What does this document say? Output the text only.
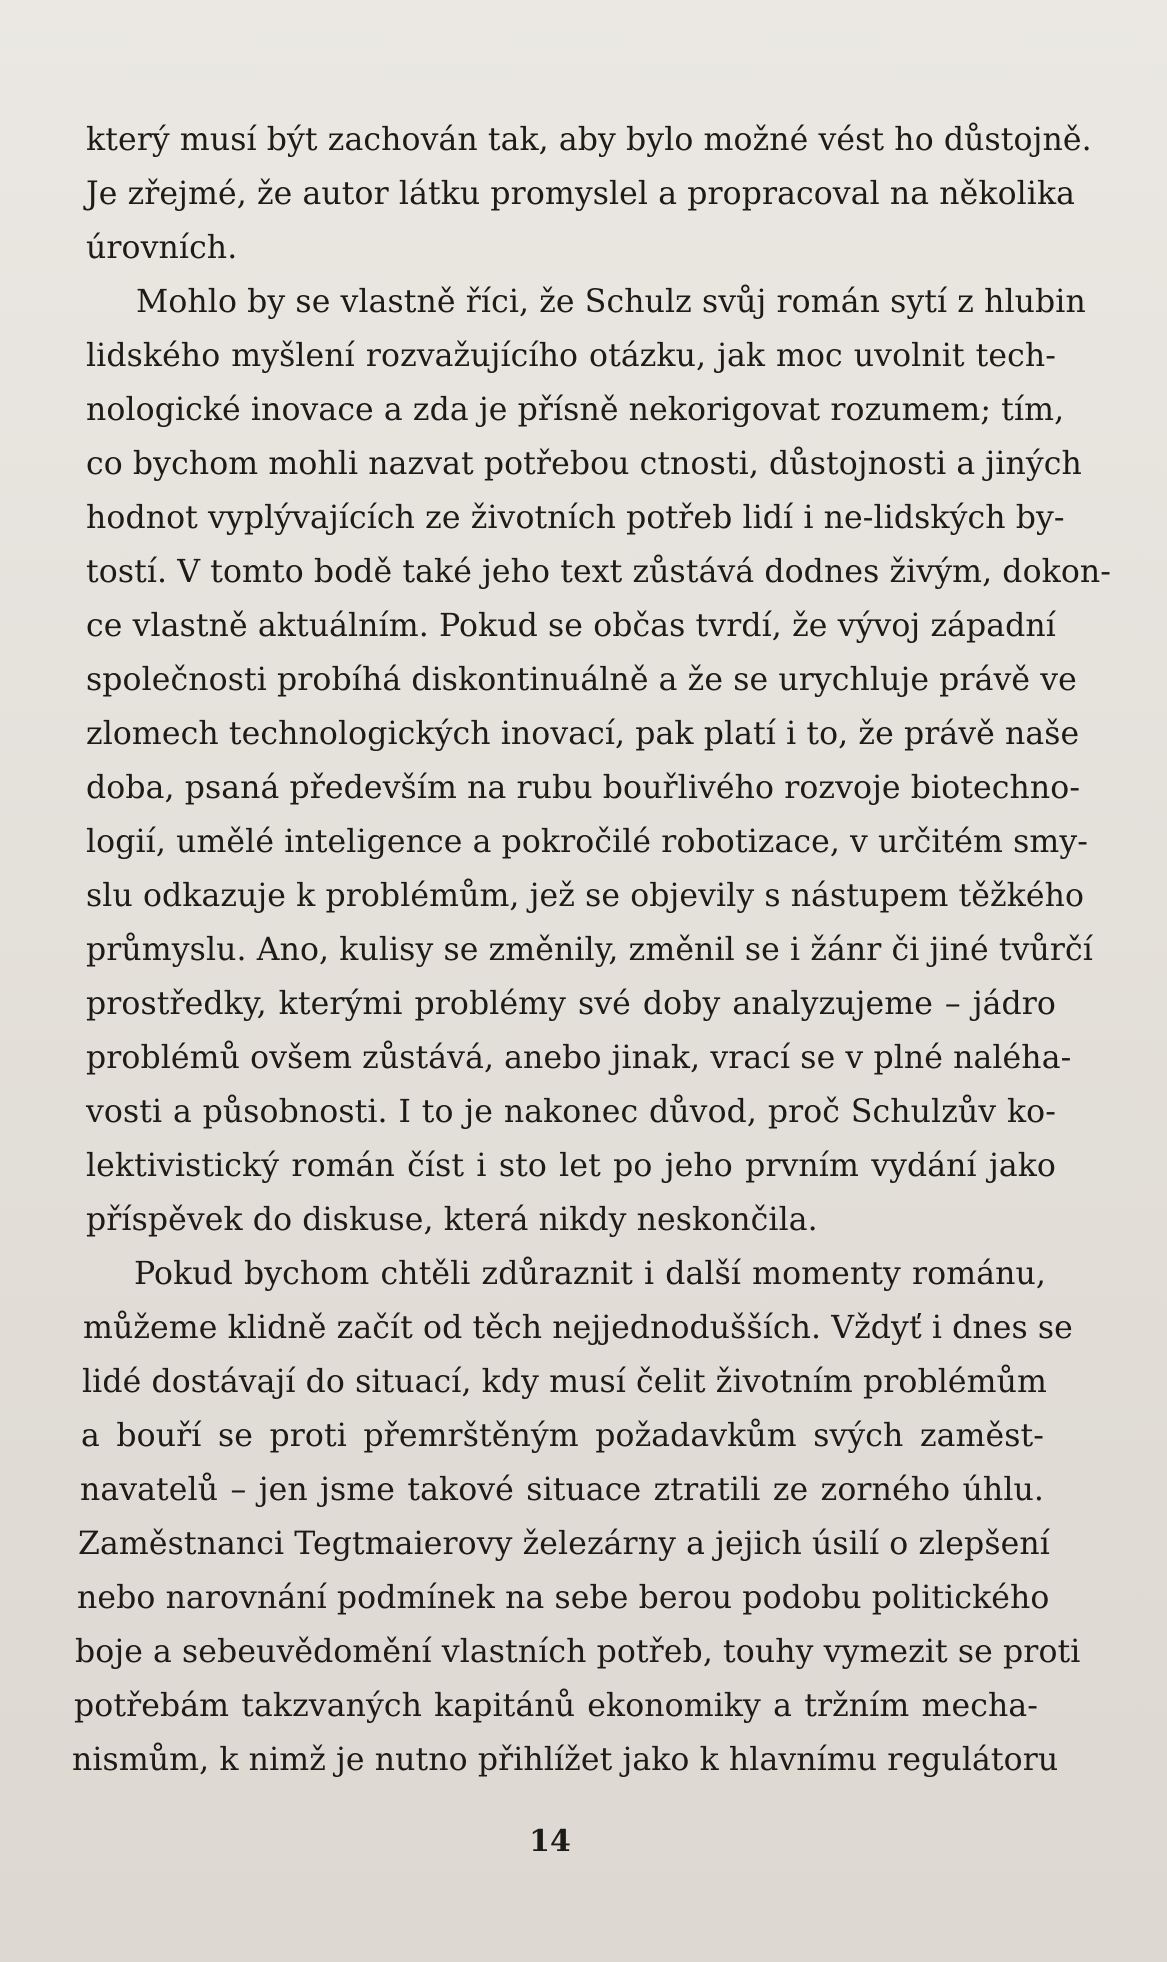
který musí být zachován tak, aby bylo možné vést ho důstojně.
Je zřejmé, že autor látku promyslel a propracoval na několika
úrovních.
Mohlo by se vlastně říci, že Schulz svůj román sytí z hlubin
lidského myšlení rozvažujícího otázku, jak moc uvolnit tech-
nologické inovace a zda je přísně nekorigovat rozumem; tím,
co bychom mohli nazvat potřebou ctnosti, důstojnosti a jiných
hodnot vyplývajících ze životních potřeb lidí i ne-lidských by-
tostí. V tomto bodě také jeho text zůstává dodnes živým, dokon-
ce vlastně aktuálním. Pokud se občas tvrdí, že vývoj západní
společnosti probíhá diskontinuálně a že se urychluje právě ve
zlomech technologických inovací, pak platí i to, že právě naše
doba, psaná především na rubu bouřlivého rozvoje biotechno-
logií, umělé inteligence a pokročilé robotizace, v určitém smy-
slu odkazuje k problémům, jež se objevily s nástupem těžkého
průmyslu. Ano, kulisy se změnily, změnil se i žánr či jiné tvůrčí
prostředky, kterými problémy své doby analyzujeme – jádro
problémů ovšem zůstává, anebo jinak, vrací se v plné naléha-
vosti a působnosti. I to je nakonec důvod, proč Schulzův ko-
lektivistický román číst i sto let po jeho prvním vydání jako
příspěvek do diskuse, která nikdy neskončila.
Pokud bychom chtěli zdůraznit i další momenty románu,
můžeme klidně začít od těch nejjednodušších. Vždyť i dnes se
lidé dostávají do situací, kdy musí čelit životním problémům
a bouří se proti přemrštěným požadavkům svých zaměst-
navatelů – jen jsme takové situace ztratili ze zorného úhlu.
Zaměstnanci Tegtmaierovy železárny a jejich úsilí o zlepšení
nebo narovnání podmínek na sebe berou podobu politického
boje a sebeuvědomění vlastních potřeb, touhy vymezit se proti
potřebám takzvaných kapitánů ekonomiky a tržním mecha-
nismům, k nimž je nutno přihlížet jako k hlavnímu regulátoru
14
